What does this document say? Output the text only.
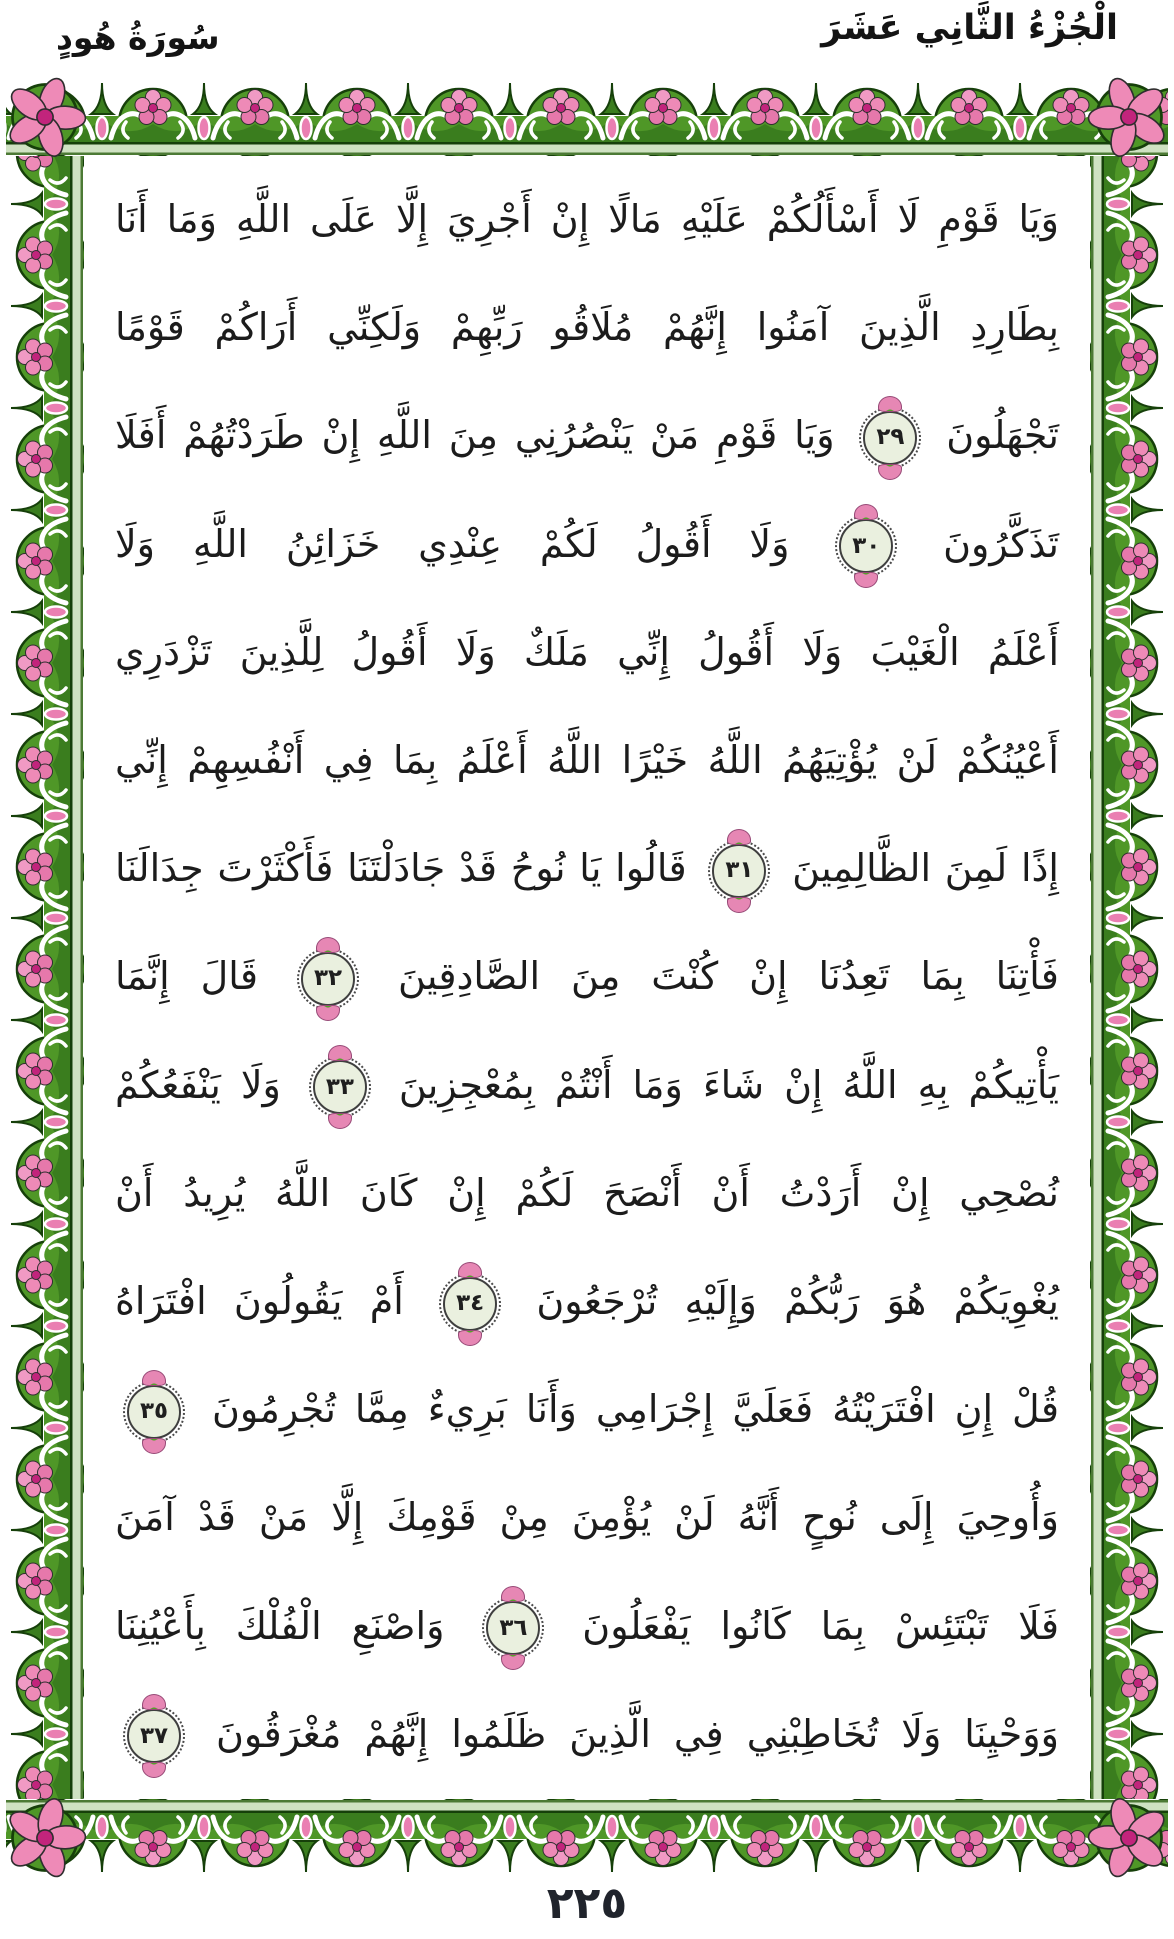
الْجُزْءُ الثَّانِي عَشَرَ
سُورَةُ هُودٍ
وَيَا قَوْمِ لَا أَسْأَلُكُمْ عَلَيْهِ مَالًا إِنْ أَجْرِيَ إِلَّا عَلَى اللَّهِ وَمَا أَنَا
بِطَارِدِ الَّذِينَ آمَنُوا إِنَّهُمْ مُلَاقُو رَبِّهِمْ وَلَكِنِّي أَرَاكُمْ قَوْمًا
تَجْهَلُونَ
٢٩
وَيَا قَوْمِ مَنْ يَنْصُرُنِي مِنَ اللَّهِ إِنْ طَرَدْتُهُمْ أَفَلَا
تَذَكَّرُونَ
٣٠
وَلَا أَقُولُ لَكُمْ عِنْدِي خَزَائِنُ اللَّهِ وَلَا
أَعْلَمُ الْغَيْبَ وَلَا أَقُولُ إِنِّي مَلَكٌ وَلَا أَقُولُ لِلَّذِينَ تَزْدَرِي
أَعْيُنُكُمْ لَنْ يُؤْتِيَهُمُ اللَّهُ خَيْرًا اللَّهُ أَعْلَمُ بِمَا فِي أَنْفُسِهِمْ إِنِّي
إِذًا لَمِنَ الظَّالِمِينَ
٣١
قَالُوا يَا نُوحُ قَدْ جَادَلْتَنَا فَأَكْثَرْتَ جِدَالَنَا
فَأْتِنَا بِمَا تَعِدُنَا إِنْ كُنْتَ مِنَ الصَّادِقِينَ
٣٢
قَالَ إِنَّمَا
يَأْتِيكُمْ بِهِ اللَّهُ إِنْ شَاءَ وَمَا أَنْتُمْ بِمُعْجِزِينَ
٣٣
وَلَا يَنْفَعُكُمْ
نُصْحِي إِنْ أَرَدْتُ أَنْ أَنْصَحَ لَكُمْ إِنْ كَانَ اللَّهُ يُرِيدُ أَنْ
يُغْوِيَكُمْ هُوَ رَبُّكُمْ وَإِلَيْهِ تُرْجَعُونَ
٣٤
أَمْ يَقُولُونَ افْتَرَاهُ
قُلْ إِنِ افْتَرَيْتُهُ فَعَلَيَّ إِجْرَامِي وَأَنَا بَرِيءٌ مِمَّا تُجْرِمُونَ
٣٥
وَأُوحِيَ إِلَى نُوحٍ أَنَّهُ لَنْ يُؤْمِنَ مِنْ قَوْمِكَ إِلَّا مَنْ قَدْ آمَنَ
فَلَا تَبْتَئِسْ بِمَا كَانُوا يَفْعَلُونَ
٣٦
وَاصْنَعِ الْفُلْكَ بِأَعْيُنِنَا
وَوَحْيِنَا وَلَا تُخَاطِبْنِي فِي الَّذِينَ ظَلَمُوا إِنَّهُمْ مُغْرَقُونَ
٣٧
٢٢٥
